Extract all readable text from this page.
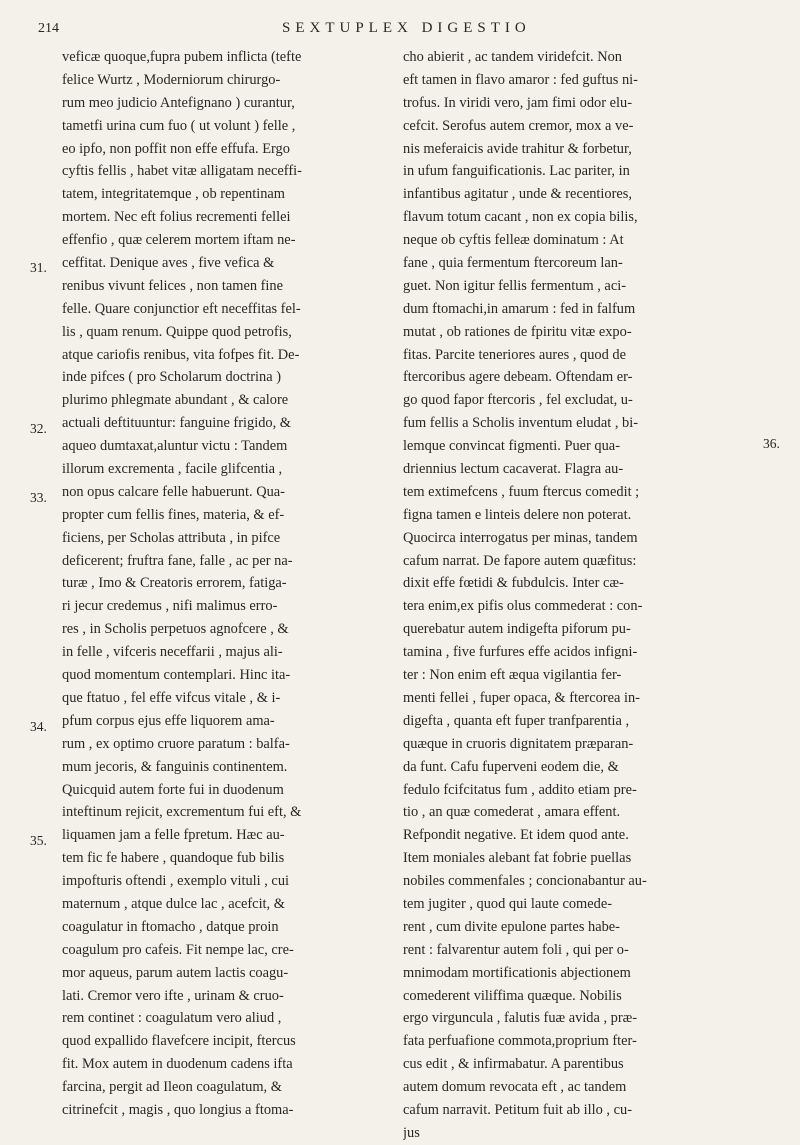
214	SEXTUPLEX DIGESTIO
veficæ quoque,fupra pubem inflicta (tefte
felice Wurtz , Moderniorum chirurgo-
rum meo judicio Antefignano ) curantur,
tametfi urina cum fuo ( ut volunt ) felle ,
eo ipfo, non poffit non effe effufa. Ergo
cyftis fellis , habet vitæ alligatam neceffi-
tatem, integritatemque , ob repentinam
mortem. Nec eft folius recrementi fellei
effenfio , quæ celerem mortem iftam ne-
ceffitat. Denique aves , five vefica &
renibus vivunt felices , non tamen fine
felle. Quare conjunctior eft neceffitas fel-
lis , quam renum. Quippe quod petrofis,
atque cariofis renibus, vita fofpes fit. De-
inde pifces ( pro Scholarum doctrina )
plurimo phlegmate abundant , & calore
actuali deftituuntur: fanguine frigido, &
aqueo dumtaxat,aluntur victu : Tandem
illorum excrementa , facile glifcentia ,
non opus calcare felle habuerunt. Qua-
propter cum fellis fines, materia, & ef-
ficiens, per Scholas attributa , in pifce
deficerent; fruftra fane, falle , ac per na-
turæ , Imo & Creatoris errorem, fatiga-
ri jecur credemus , nifi malimus erro-
res , in Scholis perpetuos agnofcere , &
in felle , vifceris neceffarii , majus ali-
quod momentum contemplari. Hinc ita-
que ftatuo , fel effe vifcus vitale , & i-
pfum corpus ejus effe liquorem ama-
rum , ex optimo cruore paratum : balfa-
mum jecoris, & fanguinis continentem.
Quicquid autem forte fui in duodenum
inteftinum rejicit, excrementum fui eft, &
liquamen jam a felle fpretum. Hæc au-
tem fic fe habere , quandoque fub bilis
impofturis oftendi , exemplo vituli , cui
maternum , atque dulce lac , acefcit, &
coagulatur in ftomacho , datque proin
coagulum pro cafeis. Fit nempe lac, cre-
mor aqueus, parum autem lactis coagu-
lati. Cremor vero ifte , urinam & cruo-
rem continet : coagulatum vero aliud ,
quod expallido flavefcere incipit, ftercus
fit. Mox autem in duodenum cadens ifta
farcina, pergit ad Ileon coagulatum, &
citrinefcit , magis , quo longius a ftoma-
cho abierit , ac tandem viridefcit. Non
eft tamen in flavo amaror : fed guftus ni-
trofus. In viridi vero, jam fimi odor elu-
cefcit. Serofus autem cremor, mox a ve-
nis meferaicis avide trahitur & forbetur,
in ufum fanguificationis. Lac pariter, in
infantibus agitatur , unde & recentiores,
flavum totum cacant , non ex copia bilis,
neque ob cyftis felleæ dominatum : At
fane , quia fermentum ftercoreum lan-
guet. Non igitur fellis fermentum , aci-
dum ftomachi,in amarum : fed in falfum
mutat , ob rationes de fpiritu vitæ expo-
fitas. Parcite teneriores aures , quod de
ftercoribus agere debeam. Oftendam er-
go quod fapor ftercoris , fel excludat, u-
fum fellis a Scholis inventum eludat , bi-
lemque convincat figmenti. Puer qua-
driennius lectum cacaverat. Flagra au-
tem extimefcens , fuum ftercus comedit ;
figna tamen e linteis delere non poterat.
Quocirca interrogatus per minas, tandem
cafum narrat. De fapore autem quæfitus:
dixit effe fœtidi & fubdulcis. Inter cæ-
tera enim,ex pifis olus commederat : con-
querebatur autem indigefta piforum pu-
tamina , five furfures effe acidos infigni-
ter : Non enim eft æqua vigilantia fer-
menti fellei , fuper opaca, & ftercorea in-
digefta , quanta eft fuper tranfparentia ,
quæque in cruoris dignitatem præparan-
da funt. Cafu fuperveni eodem die, &
fedulo fcifcitatus fum , addito etiam pre-
tio , an quæ comederat , amara effent.
Refpondit negative. Et idem quod ante.
Item moniales alebant fat fobrie puellas
nobiles commenfales ; concionabantur au-
tem jugiter , quod qui laute comede-
rent , cum divite epulone partes habe-
rent : falvarentur autem foli , qui per o-
mnimodam mortificationis abjectionem
comederent viliffima quæque. Nobilis
ergo virguncula , falutis fuæ avida , præ-
fata perfuafione commota,proprium fter-
cus edit , & infirmabatur. A parentibus
autem domum revocata eft , ac tandem
cafum narravit. Petitum fuit ab illo , cu-
jus
31.
32.
33.
34.
35.
36.
